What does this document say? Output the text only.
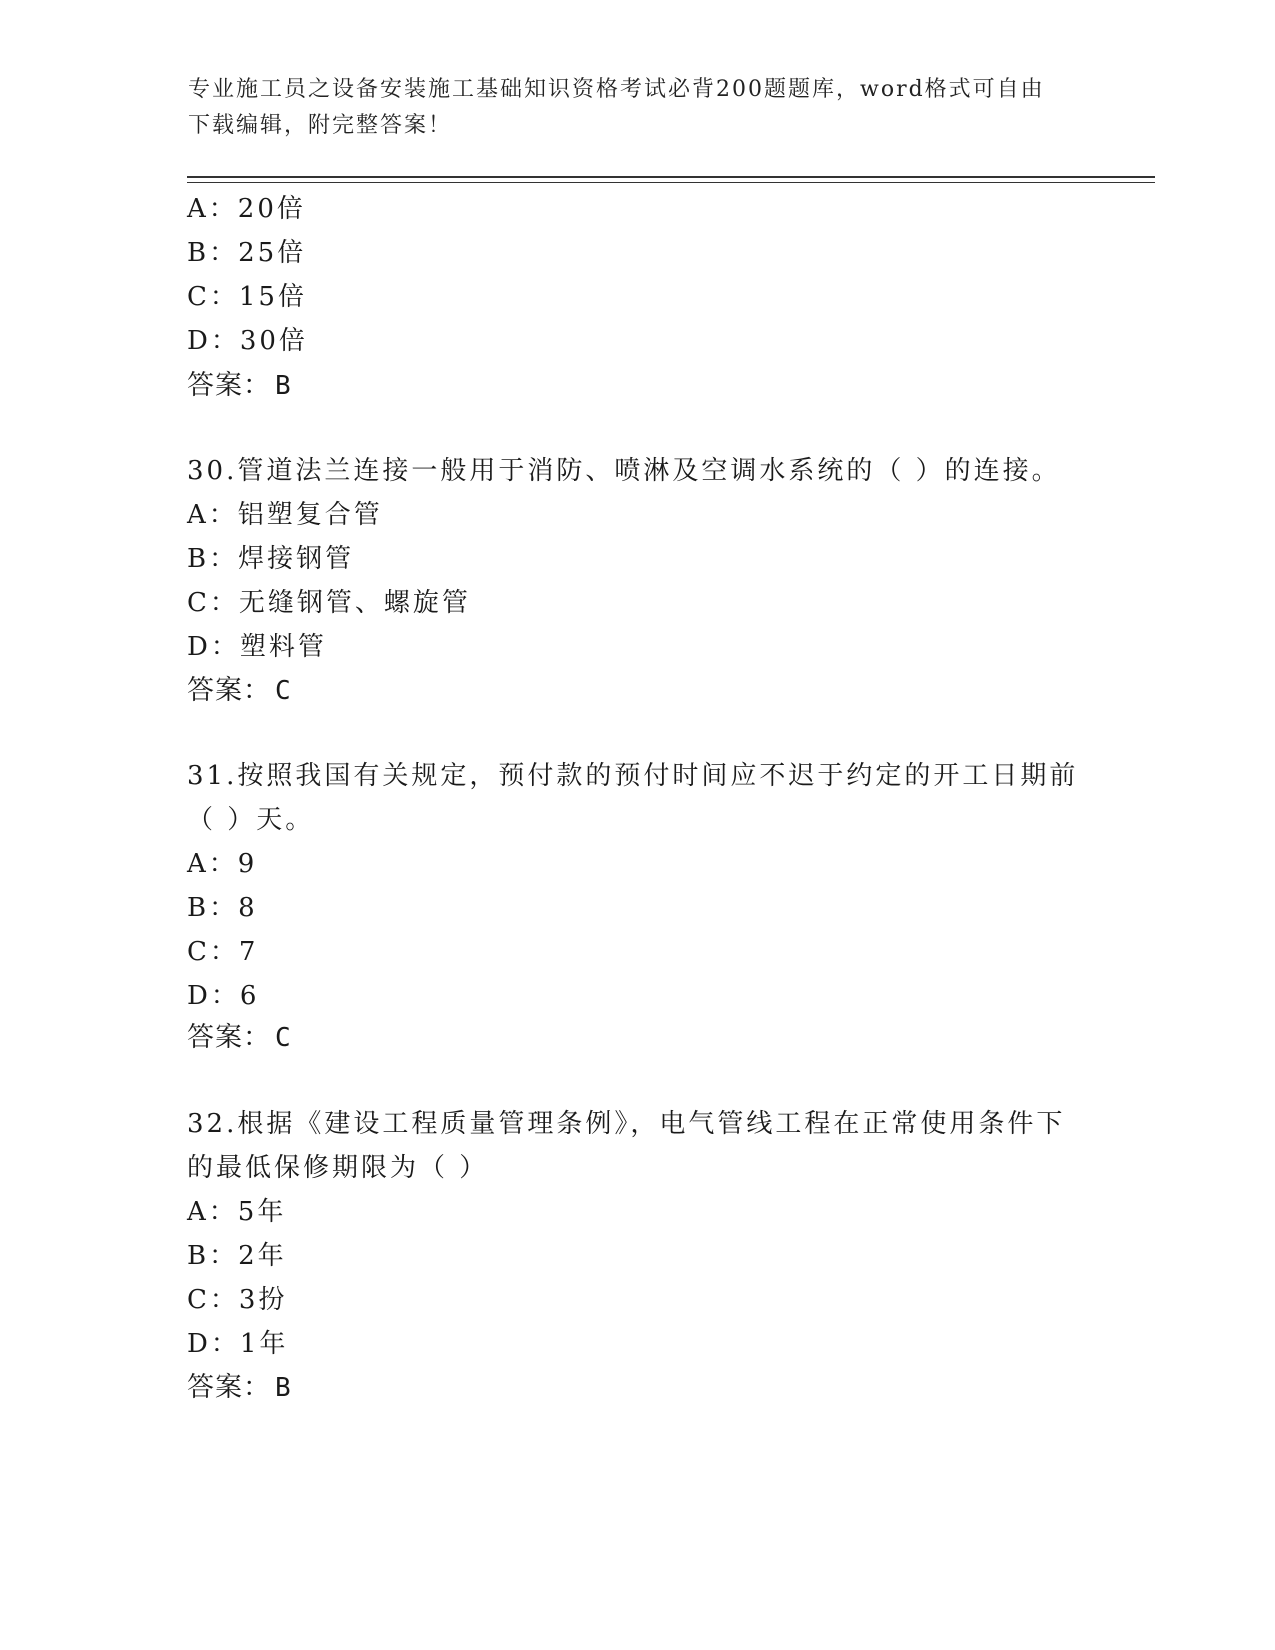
专业施工员之设备安装施工基础知识资格考试必背200题题库，word格式可自由
下载编辑，附完整答案！
A：20倍
B：25倍
C：15倍
D：30倍
答案： B
30.管道法兰连接一般用于消防、喷淋及空调水系统的（ ）的连接。
A：铝塑复合管
B：焊接钢管
C：无缝钢管、螺旋管
D：塑料管
答案： C
31.按照我国有关规定，预付款的预付时间应不迟于约定的开工日期前
（ ）天。
A：9
B：8
C：7
D：6
答案： C
32.根据《建设工程质量管理条例》，电气管线工程在正常使用条件下
的最低保修期限为（ ）
A：5年
B：2年
C：3扮
D：1年
答案： B
